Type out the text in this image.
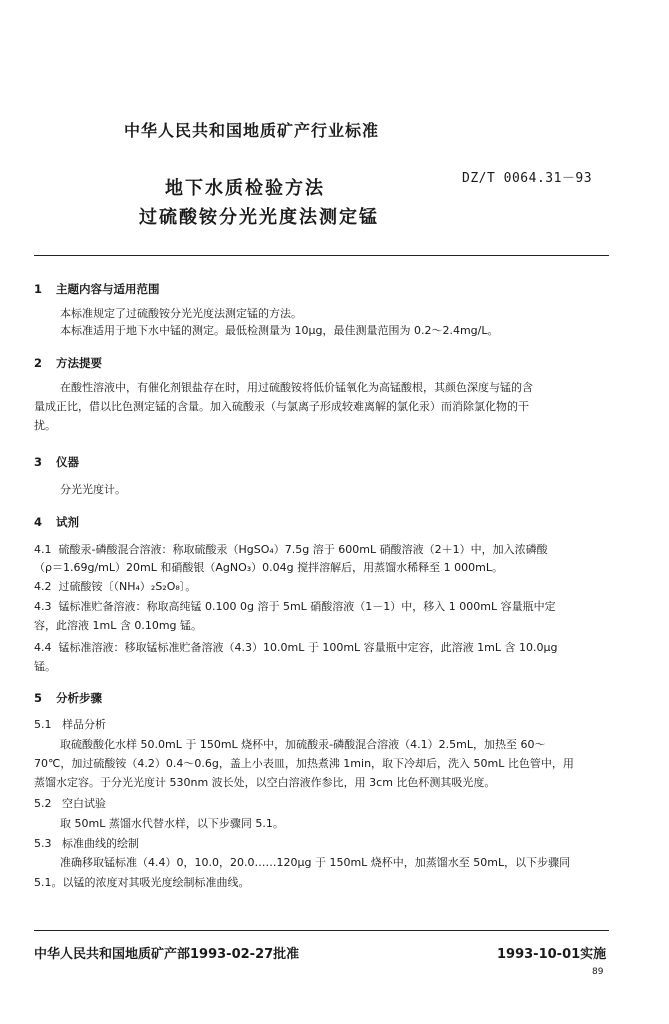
中华人民共和国地质矿产行业标准
地下水质检验方法
过硫酸铵分光光度法测定锰
DZ/T 0064.31－93
1 主题内容与适用范围
本标准规定了过硫酸铵分光光度法测定锰的方法。
本标准适用于地下水中锰的测定。最低检测量为 10μg，最佳测量范围为 0.2～2.4mg/L。
2 方法提要
在酸性溶液中，有催化剂银盐存在时，用过硫酸铵将低价锰氧化为高锰酸根，其颜色深度与锰的含
量成正比，借以比色测定锰的含量。加入硫酸汞（与氯离子形成较难离解的氯化汞）而消除氯化物的干
扰。
3 仪器
分光光度计。
4 试剂
4.1 硫酸汞-磷酸混合溶液：称取硫酸汞（HgSO₄）7.5g 溶于 600mL 硝酸溶液（2＋1）中，加入浓磷酸
（ρ＝1.69g/mL）20mL 和硝酸银（AgNO₃）0.04g 搅拌溶解后，用蒸馏水稀释至 1 000mL。
4.2 过硫酸铵〔（NH₄）₂S₂O₈〕。
4.3 锰标准贮备溶液：称取高纯锰 0.100 0g 溶于 5mL 硝酸溶液（1－1）中，移入 1 000mL 容量瓶中定
容，此溶液 1mL 含 0.10mg 锰。
4.4 锰标准溶液：移取锰标准贮备溶液（4.3）10.0mL 于 100mL 容量瓶中定容，此溶液 1mL 含 10.0μg
锰。
5 分析步骤
5.1 样品分析
取硫酸酸化水样 50.0mL 于 150mL 烧杯中，加硫酸汞-磷酸混合溶液（4.1）2.5mL，加热至 60～
70℃，加过硫酸铵（4.2）0.4～0.6g，盖上小表皿，加热煮沸 1min，取下冷却后，洗入 50mL 比色管中，用
蒸馏水定容。于分光光度计 530nm 波长处，以空白溶液作参比，用 3cm 比色杯测其吸光度。
5.2 空白试验
取 50mL 蒸馏水代替水样，以下步骤同 5.1。
5.3 标准曲线的绘制
准确移取锰标准（4.4）0，10.0，20.0……120μg 于 150mL 烧杯中，加蒸馏水至 50mL，以下步骤同
5.1。以锰的浓度对其吸光度绘制标准曲线。
中华人民共和国地质矿产部1993-02-27批准	1993-10-01实施
89
